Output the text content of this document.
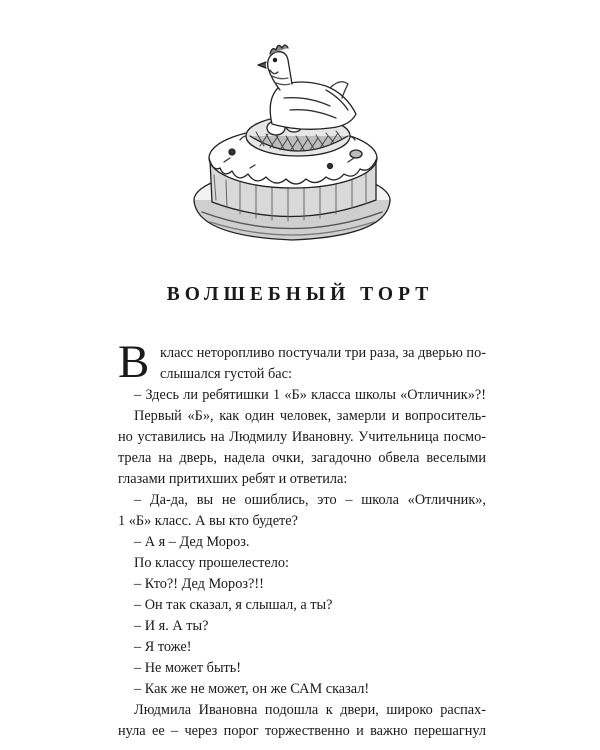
ВОЛШЕБНЫЙ ТОРТ
В класс неторопливо постучали три раза, за дверью по-
слышался густой бас:
– Здесь ли ребятишки 1 «Б» класса школы «Отличник»?!
Первый «Б», как один человек, замерли и вопроситель-
но уставились на Людмилу Ивановну. Учительница посмо-
трела на дверь, надела очки, загадочно обвела веселыми
глазами притихших ребят и ответила:
– Да-да, вы не ошиблись, это – школа «Отличник»,
1 «Б» класс. А вы кто будете?
– А я – Дед Мороз.
По классу прошелестело:
– Кто?! Дед Мороз?!!
– Он так сказал, я слышал, а ты?
– И я. А ты?
– Я тоже!
– Не может быть!
– Как же не может, он же САМ сказал!
Людмила Ивановна подошла к двери, широко распах-
нула ее – через порог торжественно и важно перешагнул
